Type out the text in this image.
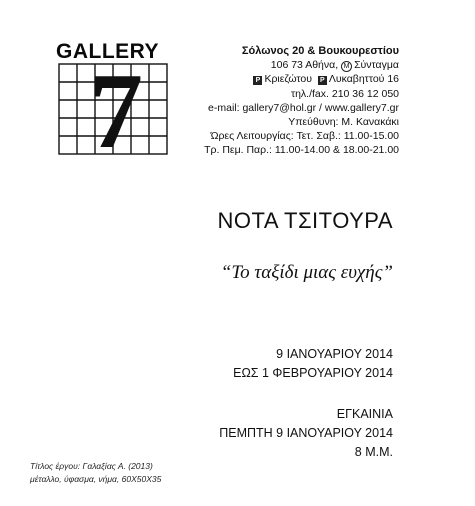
GALLERY
7
Σόλωνος 20 & Βουκουρεστίου
106 73 Αθήνα, Μ Σύνταγμα
P Κριεζώτου P Λυκαβηττού 16
τηλ./fax. 210 36 12 050
e-mail: gallery7@hol.gr / www.gallery7.gr
Υπεύθυνη: Μ. Κανακάκι
Ώρες Λειτουργίας: Τετ. Σαβ.: 11.00-15.00
Τρ. Πεμ. Παρ.: 11.00-14.00 & 18.00-21.00
ΝΟΤΑ ΤΣΙΤΟΥΡΑ
“Το ταξίδι μιας ευχής”
9 ΙΑΝΟΥΑΡΙΟΥ 2014
ΕΩΣ 1 ΦΕΒΡΟΥΑΡΙΟΥ 2014
ΕΓΚΑΙΝΙΑ
ΠΕΜΠΤΗ 9 ΙΑΝΟΥΑΡΙΟΥ 2014
8 Μ.Μ.
Τίτλος έργου: Γαλαξίας Α. (2013)
μέταλλο, ύφασμα, νήμα, 60Χ50Χ35
